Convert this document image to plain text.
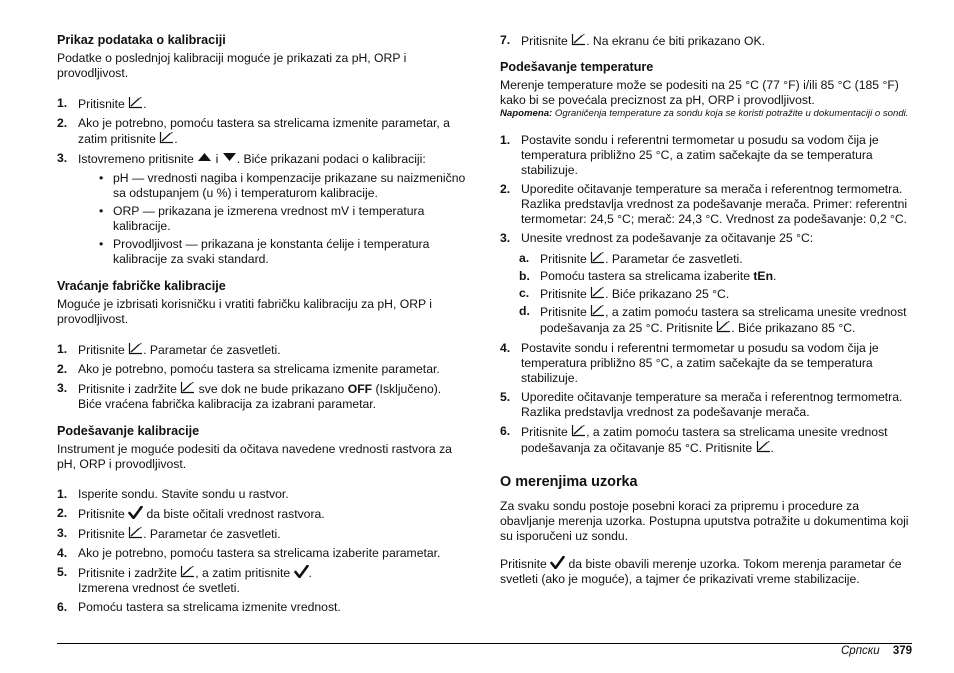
Prikaz podataka o kalibraciji

Podatke o poslednjoj kalibraciji moguće je prikazati za pH, ORP i provodljivost.

1. Pritisnite
.
2. Ako je potrebno, pomoću tastera sa strelicama izmenite parametar, a zatim pritisnite
.
3. Istovremeno pritisnite
i
. Biće prikazani podaci o kalibraciji:
• pH — vrednosti nagiba i kompenzacije prikazane su naizmenično sa odstupanjem (u %) i temperaturom kalibracije.
• ORP — prikazana je izmerena vrednost mV i temperatura kalibracije.
• Provodljivost — prikazana je konstanta ćelije i temperatura kalibracije za svaki standard.
Vraćanje fabričke kalibracije

Moguće je izbrisati korisničku i vratiti fabričku kalibraciju za pH, ORP i provodljivost.

1. Pritisnite
. Parametar će zasvetleti.
2. Ako je potrebno, pomoću tastera sa strelicama izmenite parametar.
3. Pritisnite i zadržite
sve dok ne bude prikazano OFF (Isključeno). Biće vraćena fabrička kalibracija za izabrani parametar.
Podešavanje kalibracije

Instrument je moguće podesiti da očitava navedene vrednosti rastvora za pH, ORP i provodljivost.

1. Isperite sondu. Stavite sondu u rastvor.
2. Pritisnite
da biste očitali vrednost rastvora.
3. Pritisnite
. Parametar će zasvetleti.
4. Ako je potrebno, pomoću tastera sa strelicama izaberite parametar.
5. Pritisnite i zadržite
, a zatim pritisnite
.
Izmerena vrednost će svetleti.
6. Pomoću tastera sa strelicama izmenite vrednost.
7. Pritisnite
. Na ekranu će biti prikazano OK.
Podešavanje temperature

Merenje temperature može se podesiti na 25 °C (77 °F) i/ili 85 °C (185 °F) kako bi se povećala preciznost za pH, ORP i provodljivost.

Napomena: Ograničenja temperature za sondu koja se koristi potražite u dokumentaciji o sondi.

1. Postavite sondu i referentni termometar u posudu sa vodom čija je temperatura približno 25 °C, a zatim sačekajte da se temperatura stabilizuje.
2. Uporedite očitavanje temperature sa merača i referentnog termometra. Razlika predstavlja vrednost za podešavanje merača. Primer: referentni termometar: 24,5 °C; merač: 24,3 °C. Vrednost za podešavanje: 0,2 °C.
3. Unesite vrednost za podešavanje za očitavanje 25 °C:
a. Pritisnite
. Parametar će zasvetleti.
b. Pomoću tastera sa strelicama izaberite tEn.
c. Pritisnite
. Biće prikazano 25 °C.
d. Pritisnite
, a zatim pomoću tastera sa strelicama unesite vrednost podešavanja za 25 °C. Pritisnite
. Biće prikazano 85 °C.
4. Postavite sondu i referentni termometar u posudu sa vodom čija je temperatura približno 85 °C, a zatim sačekajte da se temperatura stabilizuje.
5. Uporedite očitavanje temperature sa merača i referentnog termometra. Razlika predstavlja vrednost za podešavanje merača.
6. Pritisnite
, a zatim pomoću tastera sa strelicama unesite vrednost podešavanja za očitavanje 85 °C. Pritisnite
.
O merenjima uzorka

Za svaku sondu postoje posebni koraci za pripremu i procedure za obavljanje merenja uzorka. Postupna uputstva potražite u dokumentima koji su isporučeni uz sondu.

Pritisnite
da biste obavili merenje uzorka. Tokom merenja parametar će svetleti (ako je moguće), a tajmer će prikazivati vreme stabilizacije.

Српски 379
